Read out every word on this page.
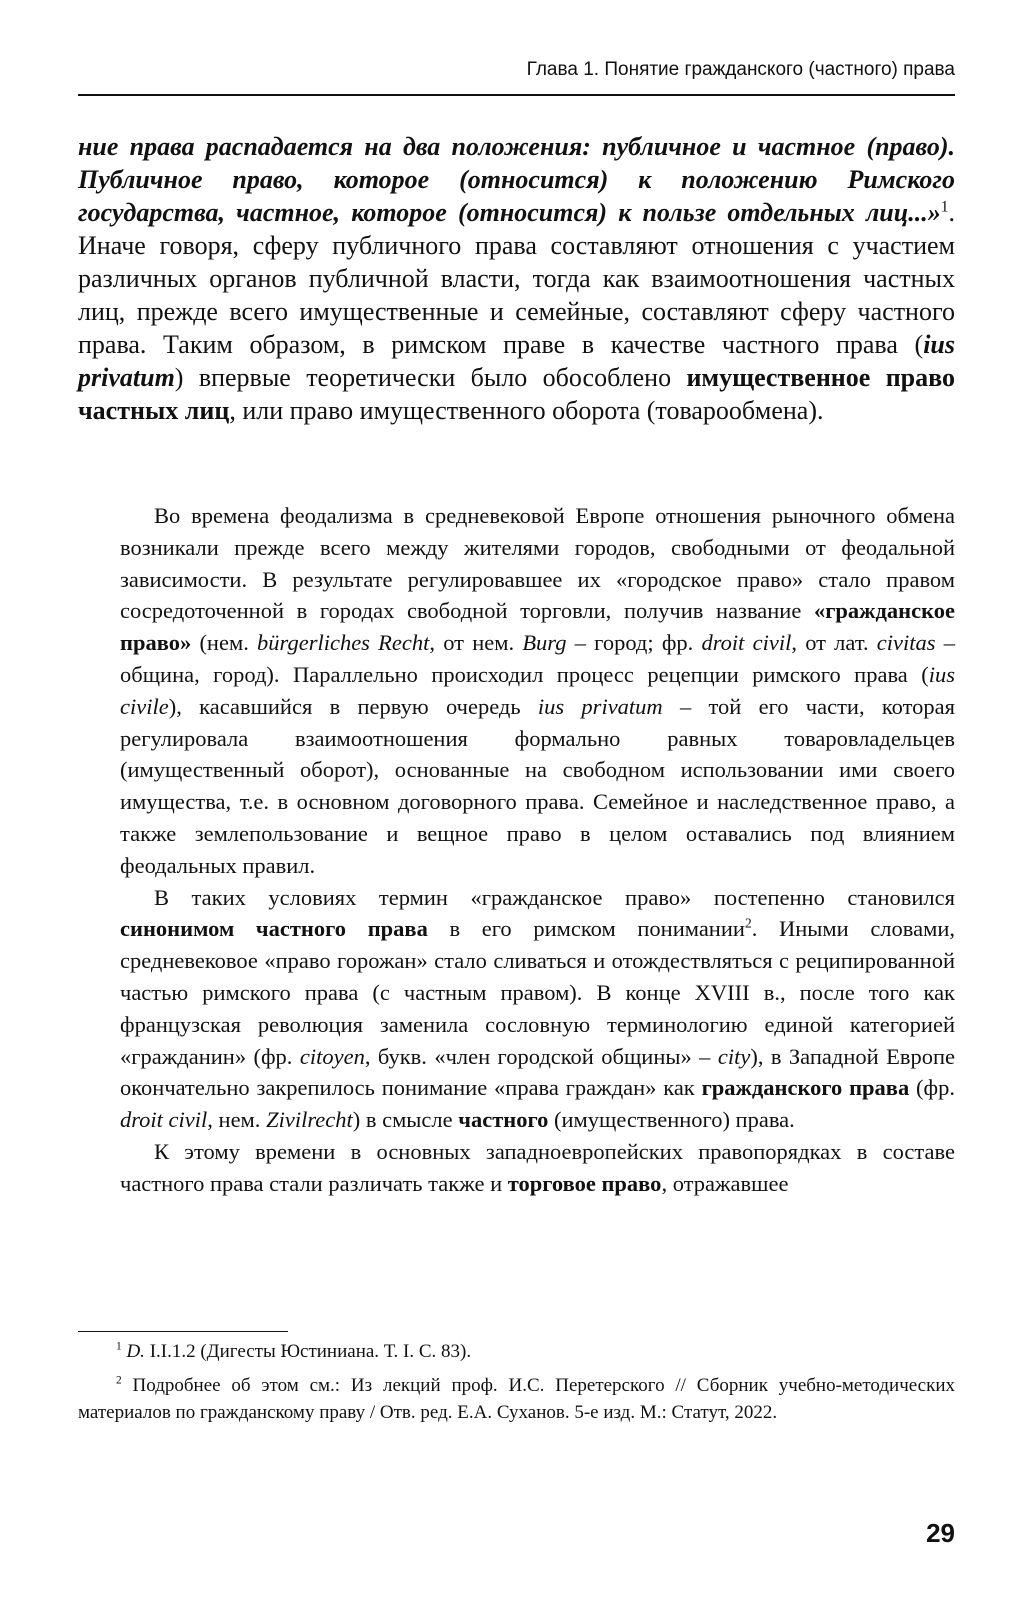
Глава 1. Понятие гражданского (частного) права

ние права распадается на два положения: публичное и частное (право). Публичное право, которое (относится) к положению Римского государства, частное, которое (относится) к пользе отдельных лиц...»$^1$. Иначе говоря, сферу публичного права составляют отношения с участием различных органов публичной власти, тогда как взаимоотношения частных лиц, прежде всего имущественные и семейные, составляют сферу частного права. Таким образом, в римском праве в качестве частного права (ius privatum) впервые теоретически было обособлено имущественное право частных лиц, или право имущественного оборота (товарообмена).

Во времена феодализма в средневековой Европе отношения рыночного обмена возникали прежде всего между жителями городов, свободными от феодальной зависимости. В результате регулировавшее их «городское право» стало правом сосредоточенной в городах свободной торговли, получив название «гражданское право» (нем. bürgerliches Recht, от нем. Burg – город; фр. droit civil, от лат. civitas – община, город). Параллельно происходил процесс рецепции римского права (ius civile), касавшийся в первую очередь ius privatum – той его части, которая регулировала взаимоотношения формально равных товаровладельцев (имущественный оборот), основанные на свободном использовании ими своего имущества, т.е. в основном договорного права. Семейное и наследственное право, а также землепользование и вещное право в целом оставались под влиянием феодальных правил.

В таких условиях термин «гражданское право» постепенно становился синонимом частного права в его римском понимании$^2$. Иными словами, средневековое «право горожан» стало сливаться и отождествляться с реципированной частью римского права (с частным правом). В конце XVIII в., после того как французская революция заменила сословную терминологию единой категорией «гражданин» (фр. citoyen, букв. «член городской общины» – city), в Западной Европе окончательно закрепилось понимание «права граждан» как гражданского права (фр. droit civil, нем. Zivilrecht) в смысле частного (имущественного) права.

К этому времени в основных западноевропейских правопорядках в составе частного права стали различать также и торговое право, отражавшее

$^1$ D. I.I.1.2 (Дигесты Юстиниана. Т. I. С. 83).

$^2$ Подробнее об этом см.: Из лекций проф. И.С. Перетерского // Сборник учебно-методических материалов по гражданскому праву / Отв. ред. Е.А. Суханов. 5-е изд. М.: Статут, 2022.

29
